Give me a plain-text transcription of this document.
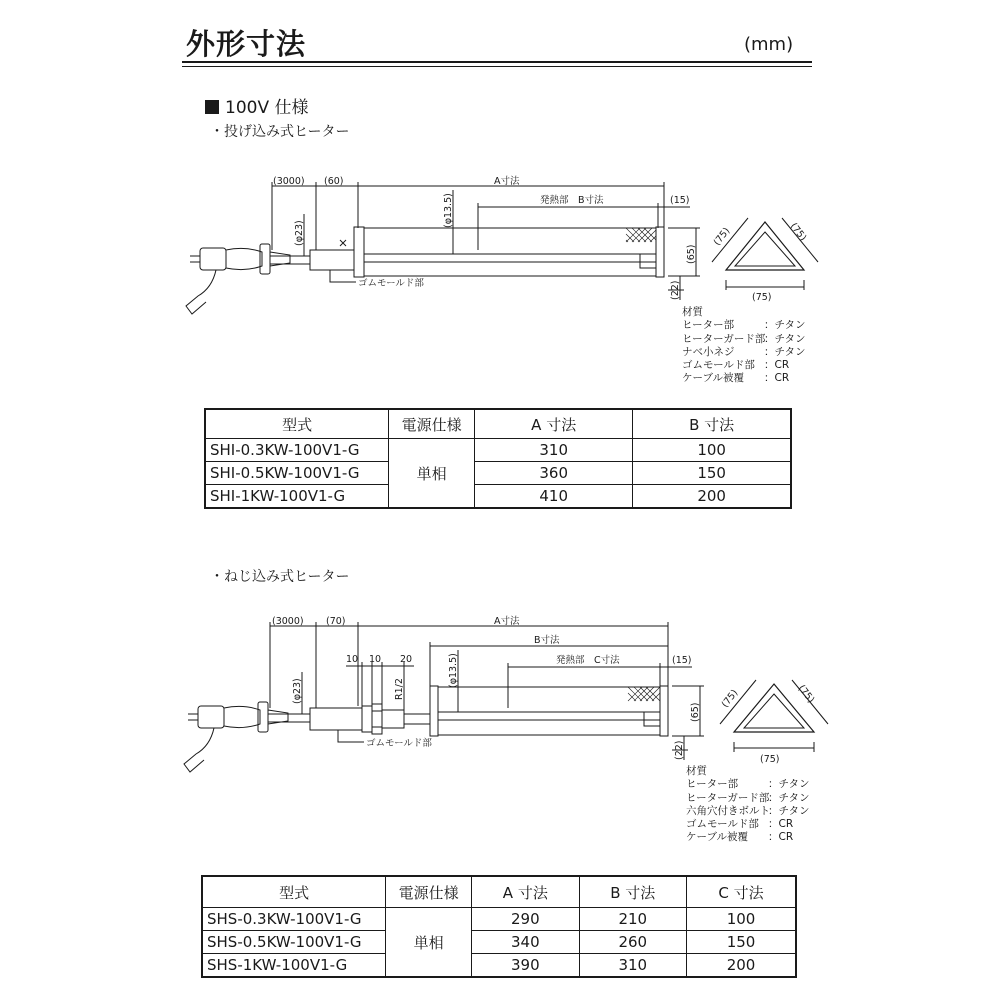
外形寸法	(mm)
100V 仕様
・投げ込み式ヒーター
(3000) (60)	A寸法
発熱部　B寸法	(15)
(φ23)
(φ13.5)
(65)
(22)
(75)	(75)
(75)
ゴムモールド部
材質
ヒーター部	：チタン
ヒーターガード部
：チタン
ナベ小ネジ	：チタン
ゴムモールド部 ：CR
ケーブル被覆	：CR
型式	電源仕様	A 寸法	B 寸法
SHI-0.3KW-100V1-G	単相	310	100
SHI-0.5KW-100V1-G		360	150
SHI-1KW-100V1-G		410	200
・ねじ込み式ヒーター
(3000) (70)	A寸法
B寸法
発熱部　C寸法	(15)
10 10 20
R1/2
(φ23)
(φ13.5)
(65)
(22)
(75)	(75)
(75)
ゴムモールド部
材質
ヒーター部	：チタン
ヒーターガード部
：チタン
六角穴付きボルト
：チタン
ゴムモールド部 ：CR
ケーブル被覆	：CR
型式	電源仕様	A 寸法	B 寸法	C 寸法
SHS-0.3KW-100V1-G	単相	290	210	100
SHS-0.5KW-100V1-G		340	260	150
SHS-1KW-100V1-G		390	310	200
